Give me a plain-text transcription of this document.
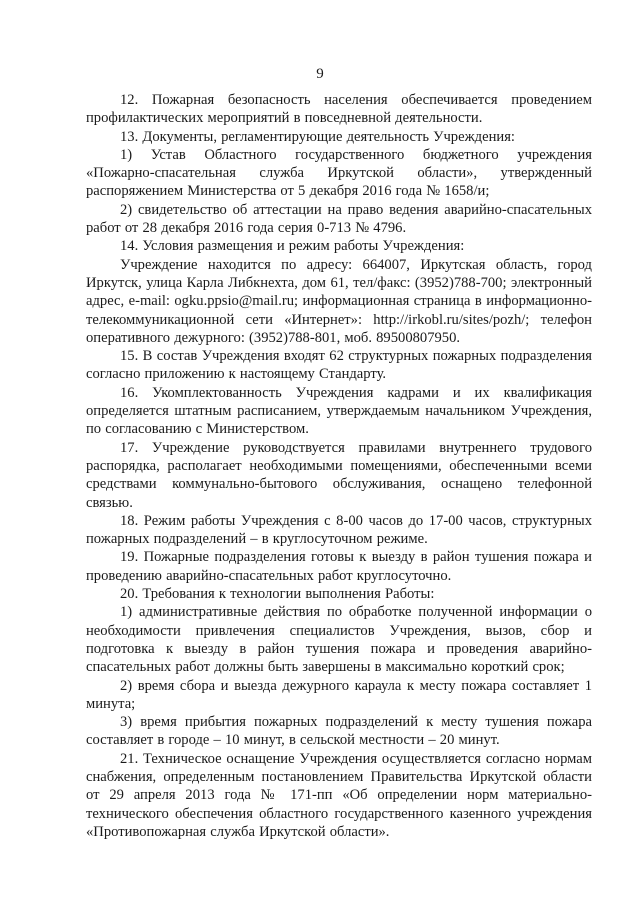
9

12. Пожарная безопасность населения обеспечивается проведением профилактических мероприятий в повседневной деятельности.

13. Документы, регламентирующие деятельность Учреждения:

1) Устав Областного государственного бюджетного учреждения «Пожарно-спасательная служба Иркутской области», утвержденный распоряжением Министерства от 5 декабря 2016 года № 1658/и;

2) свидетельство об аттестации на право ведения аварийно-спасательных работ от 28 декабря 2016 года серия 0-713 № 4796.

14. Условия размещения и режим работы Учреждения:

Учреждение находится по адресу: 664007, Иркутская область, город Иркутск, улица Карла Либкнехта, дом 61, тел/факс: (3952)788-700; электронный адрес, e-mail: ogku.ppsio@mail.ru; информационная страница в информационно-телекоммуникационной сети «Интернет»: http://irkobl.ru/sites/pozh/; телефон оперативного дежурного: (3952)788-801, моб. 89500807950.

15. В состав Учреждения входят 62 структурных пожарных подразделения согласно приложению к настоящему Стандарту.

16. Укомплектованность Учреждения кадрами и их квалификация определяется штатным расписанием, утверждаемым начальником Учреждения, по согласованию с Министерством.

17. Учреждение руководствуется правилами внутреннего трудового распорядка, располагает необходимыми помещениями, обеспеченными всеми средствами коммунально-бытового обслуживания, оснащено телефонной связью.

18. Режим работы Учреждения с 8-00 часов до 17-00 часов, структурных пожарных подразделений – в круглосуточном режиме.

19. Пожарные подразделения готовы к выезду в район тушения пожара и проведению аварийно-спасательных работ круглосуточно.

20. Требования к технологии выполнения Работы:

1) административные действия по обработке полученной информации о необходимости привлечения специалистов Учреждения, вызов, сбор и подготовка к выезду в район тушения пожара и проведения аварийно-спасательных работ должны быть завершены в максимально короткий срок;

2) время сбора и выезда дежурного караула к месту пожара составляет 1 минута;

3) время прибытия пожарных подразделений к месту тушения пожара составляет в городе – 10 минут, в сельской местности – 20 минут.

21. Техническое оснащение Учреждения осуществляется согласно нормам снабжения, определенным постановлением Правительства Иркутской области от 29 апреля 2013 года № 171-пп «Об определении норм материально-технического обеспечения областного государственного казенного учреждения «Противопожарная служба Иркутской области».
